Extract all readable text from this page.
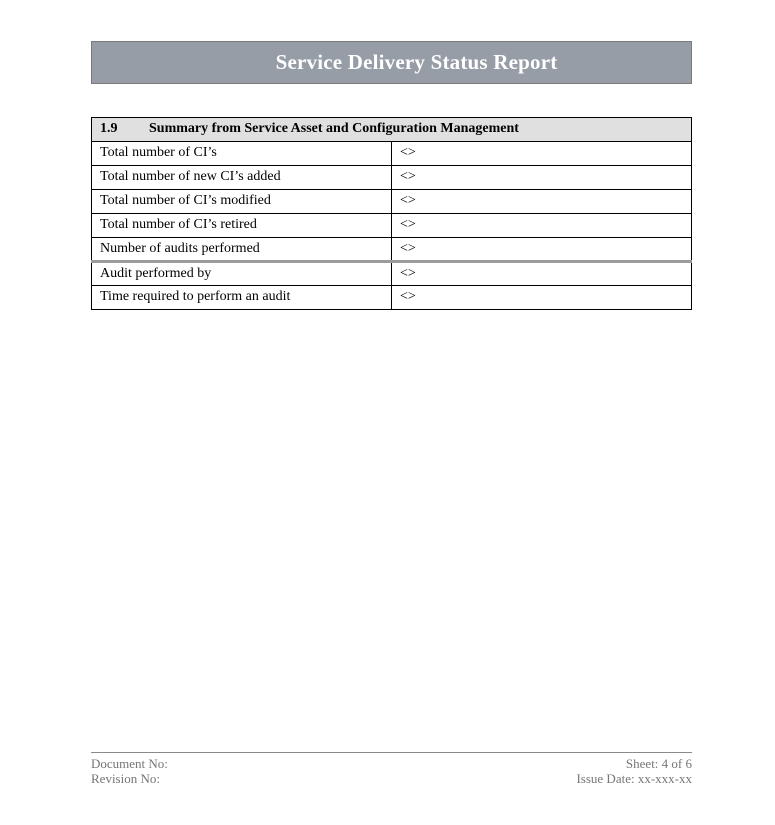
Service Delivery Status Report
1.9 Summary from Service Asset and Configuration Management	
Total number of CI’s	<>
Total number of new CI’s added	<>
Total number of CI’s modified	<>
Total number of CI’s retired	<>
Number of audits performed	<>
Audit performed by	<>
Time required to perform an audit	<>
Document No:
Revision No:
Sheet: 4 of 6
Issue Date: xx-xxx-xx
